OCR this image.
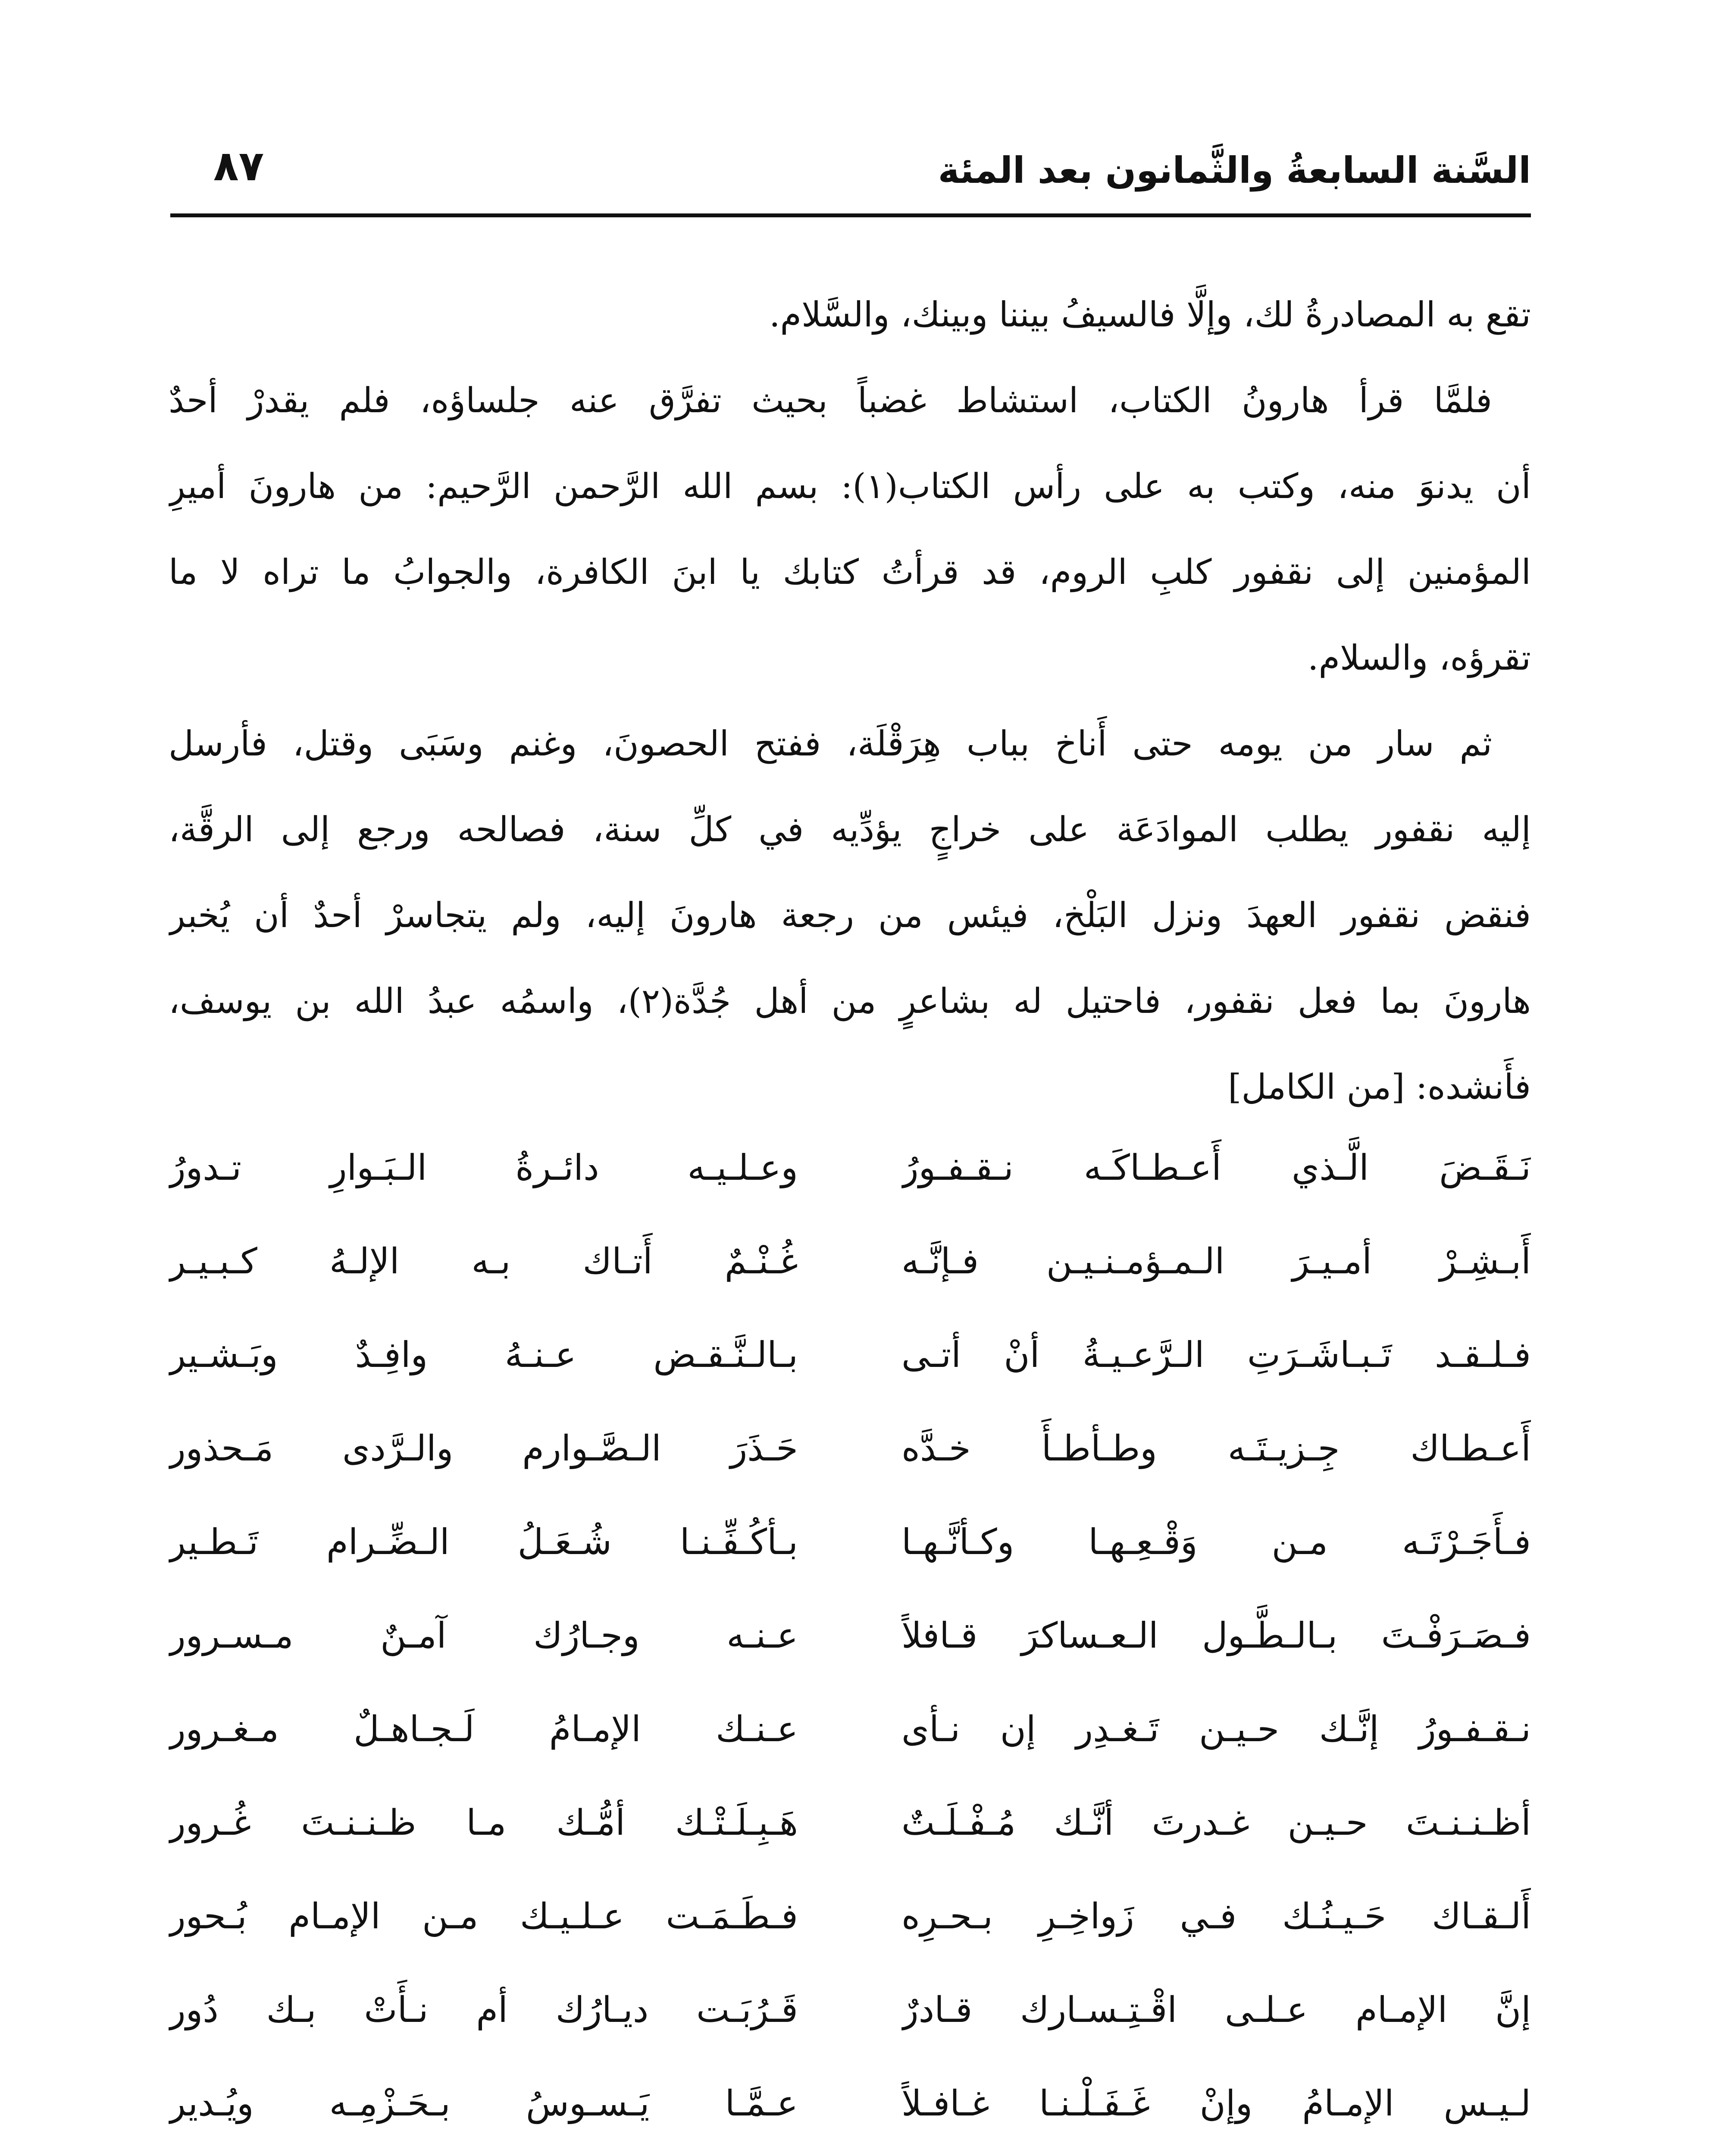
السَّنة السابعةُ والثَّمانون بعد المئة
٨٧
تقع به المصادرةُ لك، وإلَّا فالسيفُ بيننا وبينك، والسَّلام.
فلمَّا قرأ هارونُ الكتاب، استشاط غضباً بحيث تفرَّق عنه جلساؤه، فلم يقدرْ أحدٌ
أن يدنوَ منه، وكتب به على رأس الكتاب(١): بسم الله الرَّحمن الرَّحيم: من هارونَ أميرِ
المؤمنين إلى نقفور كلبِ الروم، قد قرأتُ كتابك يا ابنَ الكافرة، والجوابُ ما تراه لا ما
تقرؤه، والسلام.
ثم سار من يومه حتى أَناخ بباب هِرَقْلَة، ففتح الحصونَ، وغنم وسَبَى وقتل، فأرسل
إليه نقفور يطلب الموادَعَة على خراجٍ يؤدِّيه في كلِّ سنة، فصالحه ورجع إلى الرقَّة،
فنقض نقفور العهدَ ونزل البَلْخ، فيئس من رجعة هارونَ إليه، ولم يتجاسرْ أحدٌ أن يُخبر
هارونَ بما فعل نقفور، فاحتيل له بشاعرٍ من أهل جُدَّة(٢)، واسمُه عبدُ الله بن يوسف،
فأَنشده: [من الكامل]
نَـقَـضَ الَّـذي أَعـطـاكَـه نـقـفـورُ
وعـلـيـه دائـرةُ الـبَـوارِ تـدورُ
أَبـشِـرْ أمـيـرَ الـمـؤمـنـيـن فـإنَّـه
غُـنْـمٌ أَتـاك بـه الإلـهُ كـبـيـر
فـلـقـد تَـبـاشَـرَتِ الـرَّعـيـةُ أنْ أتـى
بـالـنَّـقـض عـنـهُ وافِـدٌ وبَـشـير
أَعـطـاك جِـزيـتَـه وطـأطـأَ خـدَّه
حَـذَرَ الـصَّـوارم والـرَّدى مَـحذور
فـأَجَـرْتَـه مـن وَقْـعِـهـا وكـأنَّـهـا
بـأكُـفِّـنـا شُـعَـلُ الـضِّـرام تَـطـير
فـصَـرَفْـتَ بـالـطَّـول الـعـساكرَ قـافلاً
عـنـه وجـارُك آمـنٌ مـسـرور
نـقـفـورُ إنَّـك حـيـن تَـغـدِر إن نـأى
عـنـك الإمـامُ لَـجـاهـلٌ مـغـرور
أظـنـنـتَ حـيـن غـدرتَ أنَّـك مُـفْـلَـتٌ
هَـبِـلَـتْـك أمُّـك مـا ظـنـنـتَ غُـرور
أَلـقـاك حَـيـنُـك فـي زَواخِـرِ بـحـرِه
فـطَـمَـت عـلـيـك مـن الإمـام بُـحور
إنَّ الإمـام عـلـى اقْـتِـسـارك قـادرٌ
قَـرُبَـت ديـارُك أم نـأَتْ بـك دُور
لـيـس الإمـامُ وإنْ غَـفَـلْـنـا غـافـلاً
عـمَّـا يَـسـوسُ بـحَـزْمِـه ويُـدير
